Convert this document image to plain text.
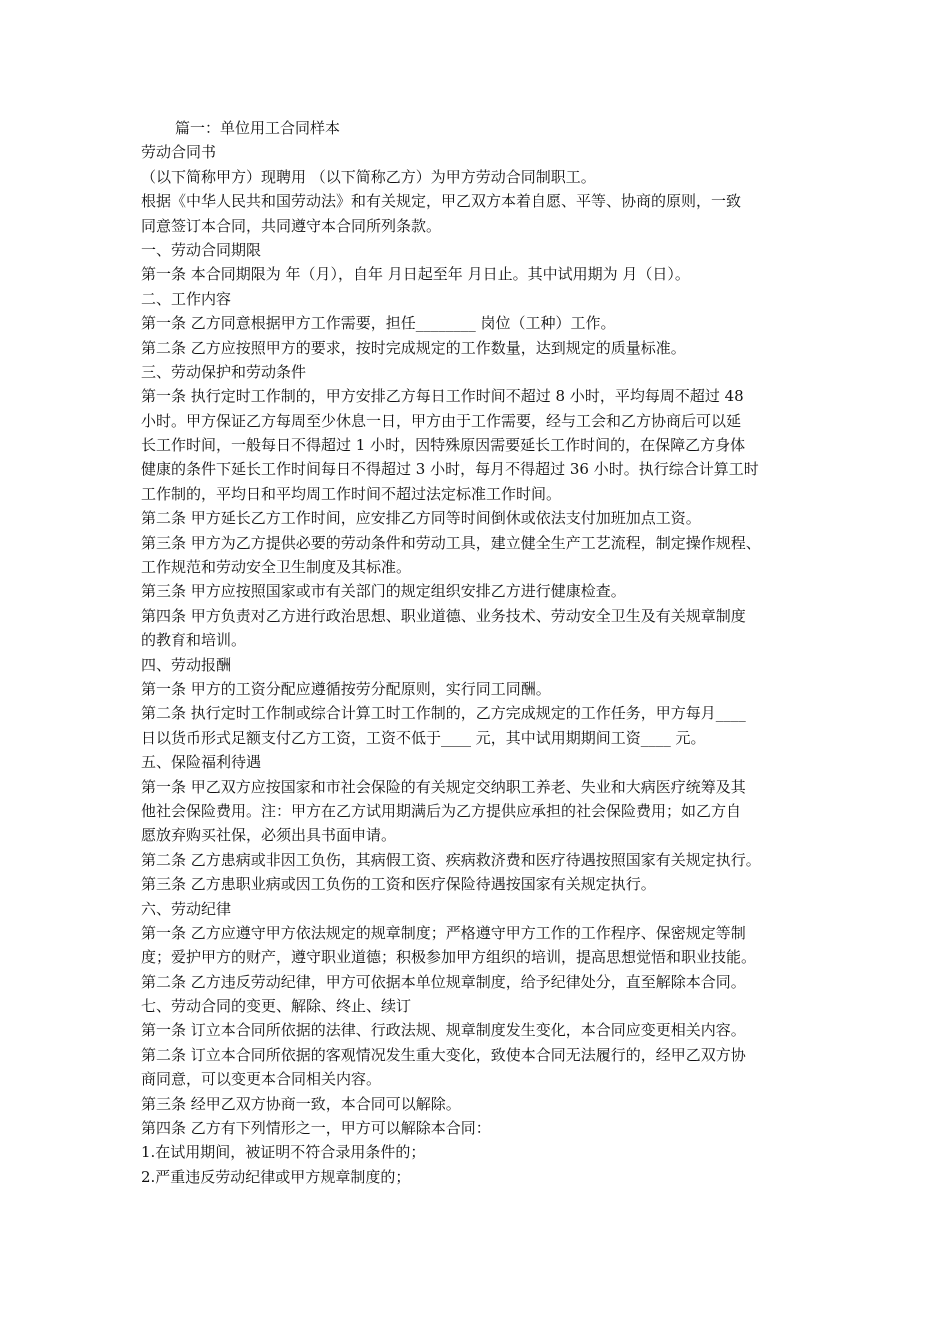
篇一：单位用工合同样本
劳动合同书
（以下简称甲方）现聘用 （以下简称乙方）为甲方劳动合同制职工。
根据《中华人民共和国劳动法》和有关规定，甲乙双方本着自愿、平等、协商的原则，一致
同意签订本合同，共同遵守本合同所列条款。
一、劳动合同期限
第一条 本合同期限为 年（月），自年 月日起至年 月日止。其中试用期为 月（日）。
二、工作内容
第一条 乙方同意根据甲方工作需要，担任________ 岗位（工种）工作。
第二条 乙方应按照甲方的要求，按时完成规定的工作数量，达到规定的质量标准。
三、劳动保护和劳动条件
第一条 执行定时工作制的，甲方安排乙方每日工作时间不超过 8 小时，平均每周不超过 48
小时。甲方保证乙方每周至少休息一日，甲方由于工作需要，经与工会和乙方协商后可以延
长工作时间，一般每日不得超过 1 小时，因特殊原因需要延长工作时间的，在保障乙方身体
健康的条件下延长工作时间每日不得超过 3 小时，每月不得超过 36 小时。执行综合计算工时
工作制的，平均日和平均周工作时间不超过法定标准工作时间。
第二条 甲方延长乙方工作时间，应安排乙方同等时间倒休或依法支付加班加点工资。
第三条 甲方为乙方提供必要的劳动条件和劳动工具，建立健全生产工艺流程，制定操作规程、
工作规范和劳动安全卫生制度及其标准。
第三条 甲方应按照国家或市有关部门的规定组织安排乙方进行健康检查。
第四条 甲方负责对乙方进行政治思想、职业道德、业务技术、劳动安全卫生及有关规章制度
的教育和培训。
四、劳动报酬
第一条 甲方的工资分配应遵循按劳分配原则，实行同工同酬。
第二条 执行定时工作制或综合计算工时工作制的，乙方完成规定的工作任务，甲方每月____
日以货币形式足额支付乙方工资，工资不低于____ 元，其中试用期期间工资____ 元。
五、保险福利待遇
第一条 甲乙双方应按国家和市社会保险的有关规定交纳职工养老、失业和大病医疗统筹及其
他社会保险费用。注：甲方在乙方试用期满后为乙方提供应承担的社会保险费用；如乙方自
愿放弃购买社保，必须出具书面申请。
第二条 乙方患病或非因工负伤，其病假工资、疾病救济费和医疗待遇按照国家有关规定执行。
第三条 乙方患职业病或因工负伤的工资和医疗保险待遇按国家有关规定执行。
六、劳动纪律
第一条 乙方应遵守甲方依法规定的规章制度；严格遵守甲方工作的工作程序、保密规定等制
度；爱护甲方的财产，遵守职业道德；积极参加甲方组织的培训，提高思想觉悟和职业技能。
第二条 乙方违反劳动纪律，甲方可依据本单位规章制度，给予纪律处分，直至解除本合同。
七、劳动合同的变更、解除、终止、续订
第一条 订立本合同所依据的法律、行政法规、规章制度发生变化，本合同应变更相关内容。
第二条 订立本合同所依据的客观情况发生重大变化，致使本合同无法履行的，经甲乙双方协
商同意，可以变更本合同相关内容。
第三条 经甲乙双方协商一致，本合同可以解除。
第四条 乙方有下列情形之一，甲方可以解除本合同：
1.在试用期间，被证明不符合录用条件的；
2.严重违反劳动纪律或甲方规章制度的；
